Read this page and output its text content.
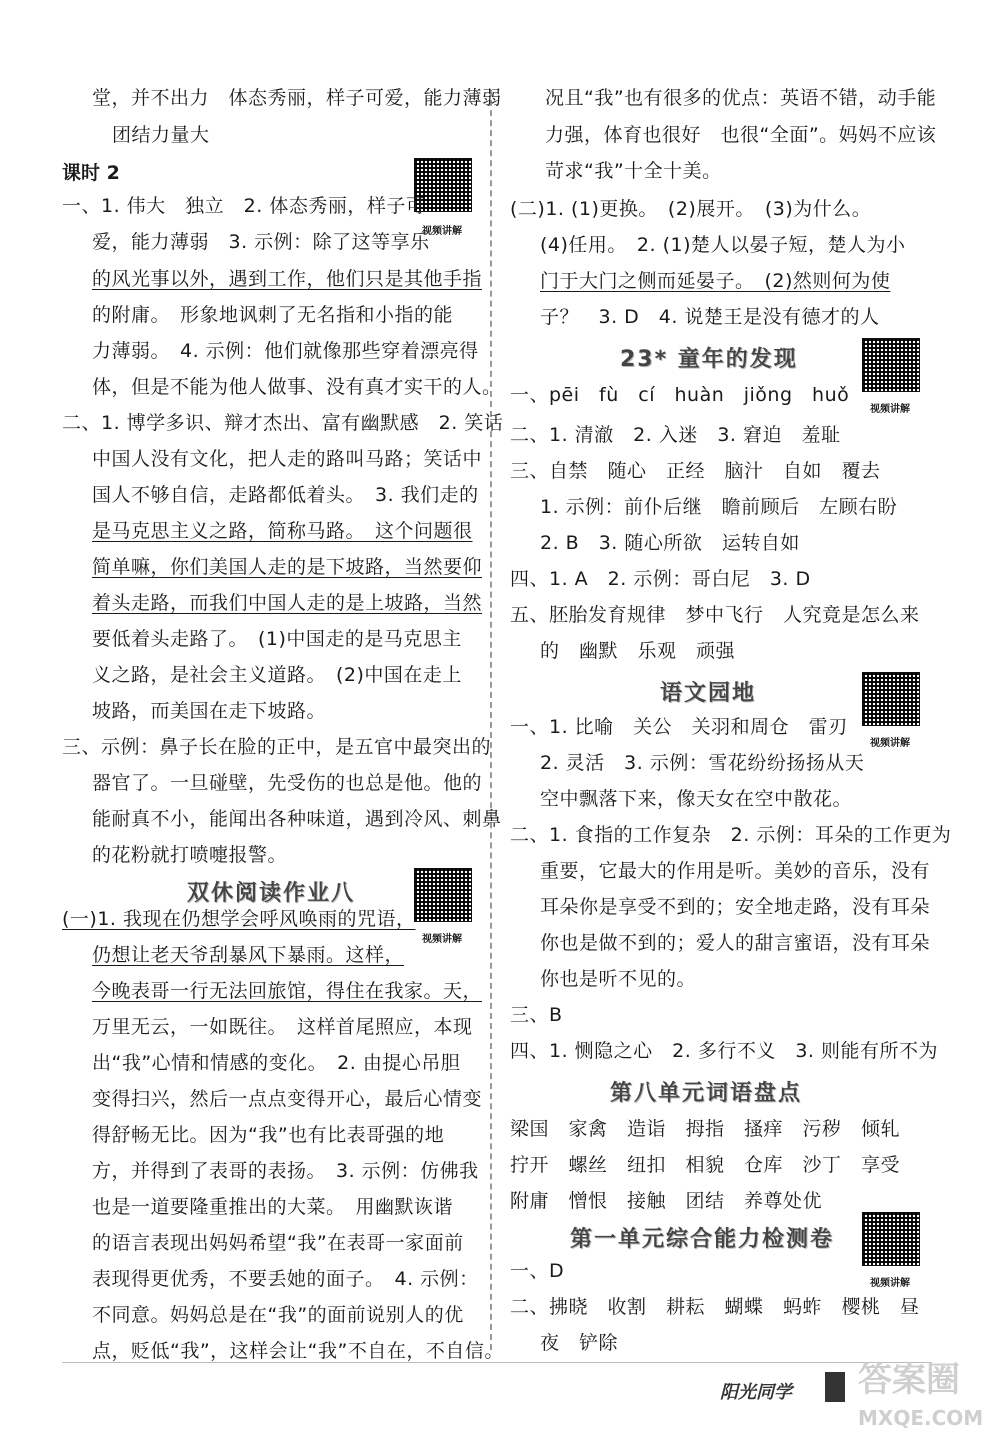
堂，并不出力　体态秀丽，样子可爱，能力薄弱
团结力量大
课时 2
视频讲解
一、1. 伟大　独立　2. 体态秀丽，样子可
爱，能力薄弱　3. 示例：除了这等享乐
的风光事以外，遇到工作，他们只是其他手指
的附庸。　形象地讽刺了无名指和小指的能
力薄弱。　4. 示例：他们就像那些穿着漂亮得
体，但是不能为他人做事、没有真才实干的人。
二、1. 博学多识、辩才杰出、富有幽默感　2. 笑话
中国人没有文化，把人走的路叫马路；笑话中
国人不够自信，走路都低着头。　3. 我们走的
是马克思主义之路，简称马路。　这个问题很
简单嘛，你们美国人走的是下坡路，当然要仰
着头走路，而我们中国人走的是上坡路，当然
要低着头走路了。　(1)中国走的是马克思主
义之路，是社会主义道路。　(2)中国在走上
坡路，而美国在走下坡路。
三、示例：鼻子长在脸的正中，是五官中最突出的
器官了。一旦碰壁，先受伤的也总是他。他的
能耐真不小，能闻出各种味道，遇到冷风、刺鼻
的花粉就打喷嚏报警。
双休阅读作业八
视频讲解
(一)1. 我现在仍想学会呼风唤雨的咒语，
仍想让老天爷刮暴风下暴雨。这样，
今晚表哥一行无法回旅馆，得住在我家。天，
万里无云，一如既往。　这样首尾照应，本现
出“我”心情和情感的变化。　2. 由提心吊胆
变得扫兴，然后一点点变得开心，最后心情变
得舒畅无比。因为“我”也有比表哥强的地
方，并得到了表哥的表扬。　3. 示例：仿佛我
也是一道要隆重推出的大菜。　用幽默诙谐
的语言表现出妈妈希望“我”在表哥一家面前
表现得更优秀，不要丢她的面子。　4. 示例：
不同意。妈妈总是在“我”的面前说别人的优
点，贬低“我”，这样会让“我”不自在，不自信。
况且“我”也有很多的优点：英语不错，动手能
力强，体育也很好　也很“全面”。妈妈不应该
苛求“我”十全十美。
(二)1. (1)更换。　(2)展开。　(3)为什么。
(4)任用。　2. (1)楚人以晏子短，楚人为小
门于大门之侧而延晏子。　(2)然则何为使
子？　3. D　4. 说楚王是没有德才的人
23* 童年的发现
视频讲解
一、pēi　fù　cí　huàn　jiǒng　huǒ
二、1. 清澈　2. 入迷　3. 窘迫　羞耻
三、自禁　随心　正经　脑汁　自如　覆去
1. 示例：前仆后继　瞻前顾后　左顾右盼
2. B　3. 随心所欲　运转自如
四、1. A　2. 示例：哥白尼　3. D
五、胚胎发育规律　梦中飞行　人究竟是怎么来
的　幽默　乐观　顽强
语文园地
视频讲解
一、1. 比喻　关公　关羽和周仓　雷刃
2. 灵活　3. 示例：雪花纷纷扬扬从天
空中飘落下来，像天女在空中散花。
二、1. 食指的工作复杂　2. 示例：耳朵的工作更为
重要，它最大的作用是听。美妙的音乐，没有
耳朵你是享受不到的；安全地走路，没有耳朵
你也是做不到的；爱人的甜言蜜语，没有耳朵
你也是听不见的。
三、B
四、1. 恻隐之心　2. 多行不义　3. 则能有所不为
第八单元词语盘点
梁国　家禽　造诣　拇指　搔痒　污秽　倾轧
拧开　螺丝　纽扣　相貌　仓库　沙丁　享受
附庸　憎恨　接触　团结　养尊处优
第一单元综合能力检测卷
视频讲解
一、D
二、拂晓　收割　耕耘　蝴蝶　蚂蚱　樱桃　昼
夜　铲除
阳光同学 答案圈
MXQE.COM
